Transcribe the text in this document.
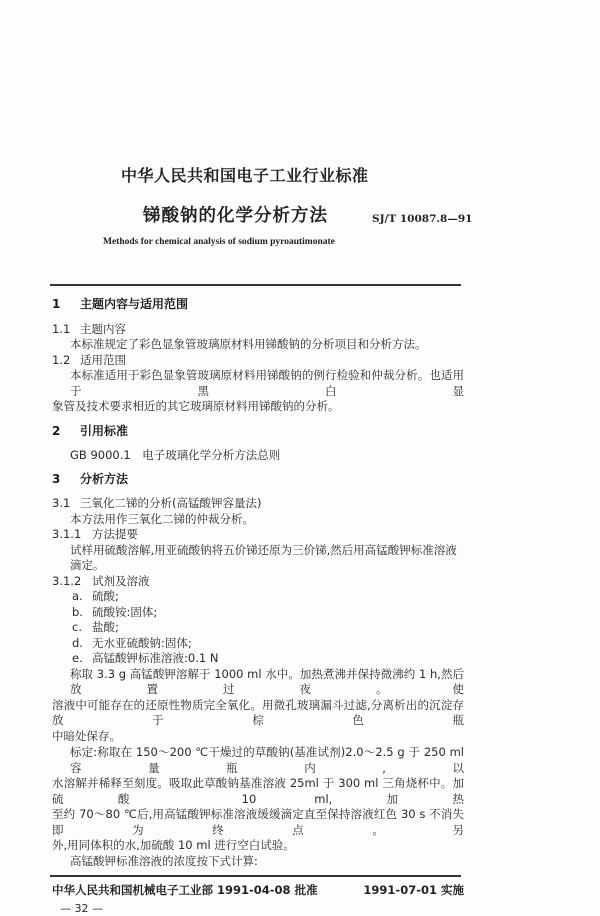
中华人民共和国电子工业行业标准
锑酸钠的化学分析方法	SJ/T 10087.8—91
Methods for chemical analysis of sodium pyroautimonate
1 主题内容与适用范围
1.1 主题内容
本标准规定了彩色显象管玻璃原材料用锑酸钠的分析项目和分析方法。
1.2 适用范围
本标准适用于彩色显象管玻璃原材料用锑酸钠的例行检验和仲裁分析。也适用于黑白显
象管及技术要求相近的其它玻璃原材料用锑酸钠的分析。
2 引用标准
GB 9000.1　电子玻璃化学分析方法总则
3 分析方法
3.1 三氧化二锑的分析(高锰酸钾容量法)
本方法用作三氧化二锑的仲裁分析。
3.1.1 方法提要
试样用硫酸溶解,用亚硫酸钠将五价锑还原为三价锑,然后用高锰酸钾标准溶液滴定。
3.1.2 试剂及溶液
a. 硫酸;
b. 硫酸铵:固体;
c. 盐酸;
d. 无水亚硫酸钠:固体;
e. 高锰酸钾标准溶液:0.1 N
称取 3.3 g 高锰酸钾溶解于 1000 ml 水中。加热煮沸并保持微沸约 1 h,然后放置过夜。使
溶液中可能存在的还原性物质完全氧化。用微孔玻璃漏斗过滤,分离析出的沉淀存放于棕色瓶
中暗处保存。
标定:称取在 150～200 ℃干燥过的草酸钠(基准试剂)2.0～2.5 g 于 250 ml 容量瓶内,以
水溶解并稀释至刻度。吸取此草酸钠基准溶液 25ml 于 300 ml 三角烧杯中。加硫酸 10 ml,加热
至约 70～80 ℃后,用高锰酸钾标准溶液缓缓滴定直至保持溶液红色 30 s 不消失即为终点。另
外,用同体积的水,加硫酸 10 ml 进行空白试验。
高锰酸钾标准溶液的浓度按下式计算:
中华人民共和国机械电子工业部 1991-04-08 批准	1991-07-01 实施
— 32 —
